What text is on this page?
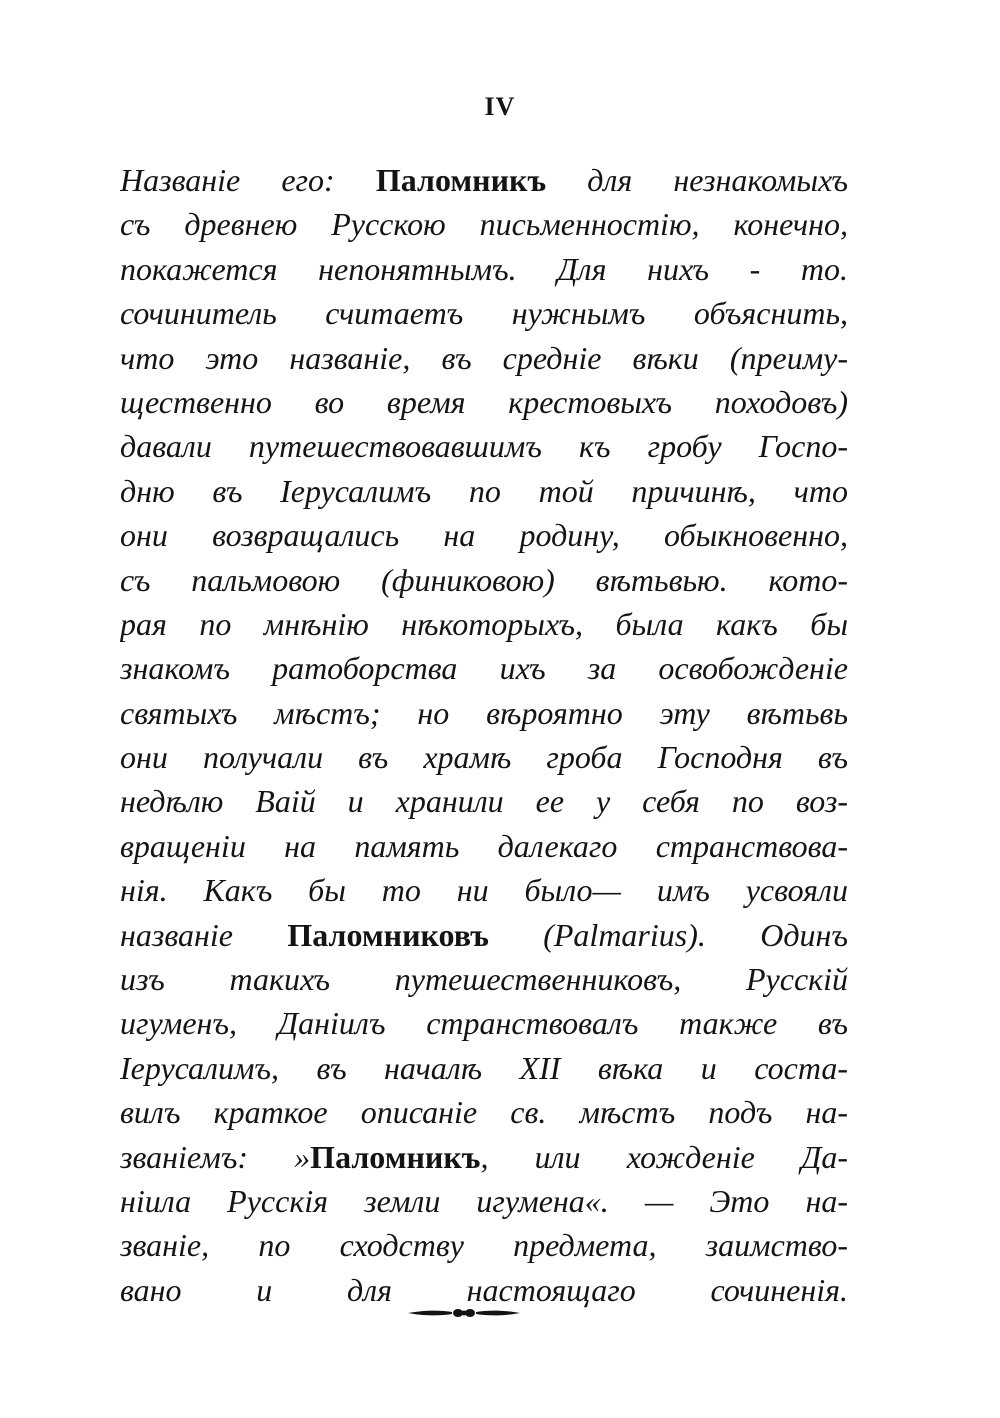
IV
Названiе его: Паломникъ для незнакомыхъ
съ древнею Русскою письменностiю, конечно,
покажется непонятнымъ. Для нихъ - то.
сочинитель считаетъ нужнымъ объяснить,
что это названiе, въ среднiе вѣки (преиму-
щественно во время крестовыхъ походовъ)
давали путешествовавшимъ къ гробу Госпо-
дню въ Iерусалимъ по той причинѣ, что
они возвращались на родину, обыкновенно,
съ пальмовою (финиковою) вѣтьвью. кото-
рая по мнѣнiю нѣкоторыхъ, была какъ бы
знакомъ ратоборства ихъ за освобожденiе
святыхъ мѣстъ; но вѣроятно эту вѣтьвь
они получали въ храмѣ гроба Господня въ
недѣлю Ваiй и хранили ее у себя по воз-
вращенiи на память далекаго странствова-
нiя. Какъ бы то ни было— имъ усвояли
названiе Паломниковъ (Palmarius). Одинъ
изъ такихъ путешественниковъ, Русскiй
игуменъ, Данiилъ странствовалъ также въ
Iерусалимъ, въ началѣ XII вѣка и соста-
вилъ краткое описанiе св. мѣстъ подъ на-
званiемъ: »Паломникъ, или хожденiе Да-
нiила Русскiя земли игумена«. — Это на-
званiе, по сходству предмета, заимство-
вано и для настоящаго сочиненiя.
